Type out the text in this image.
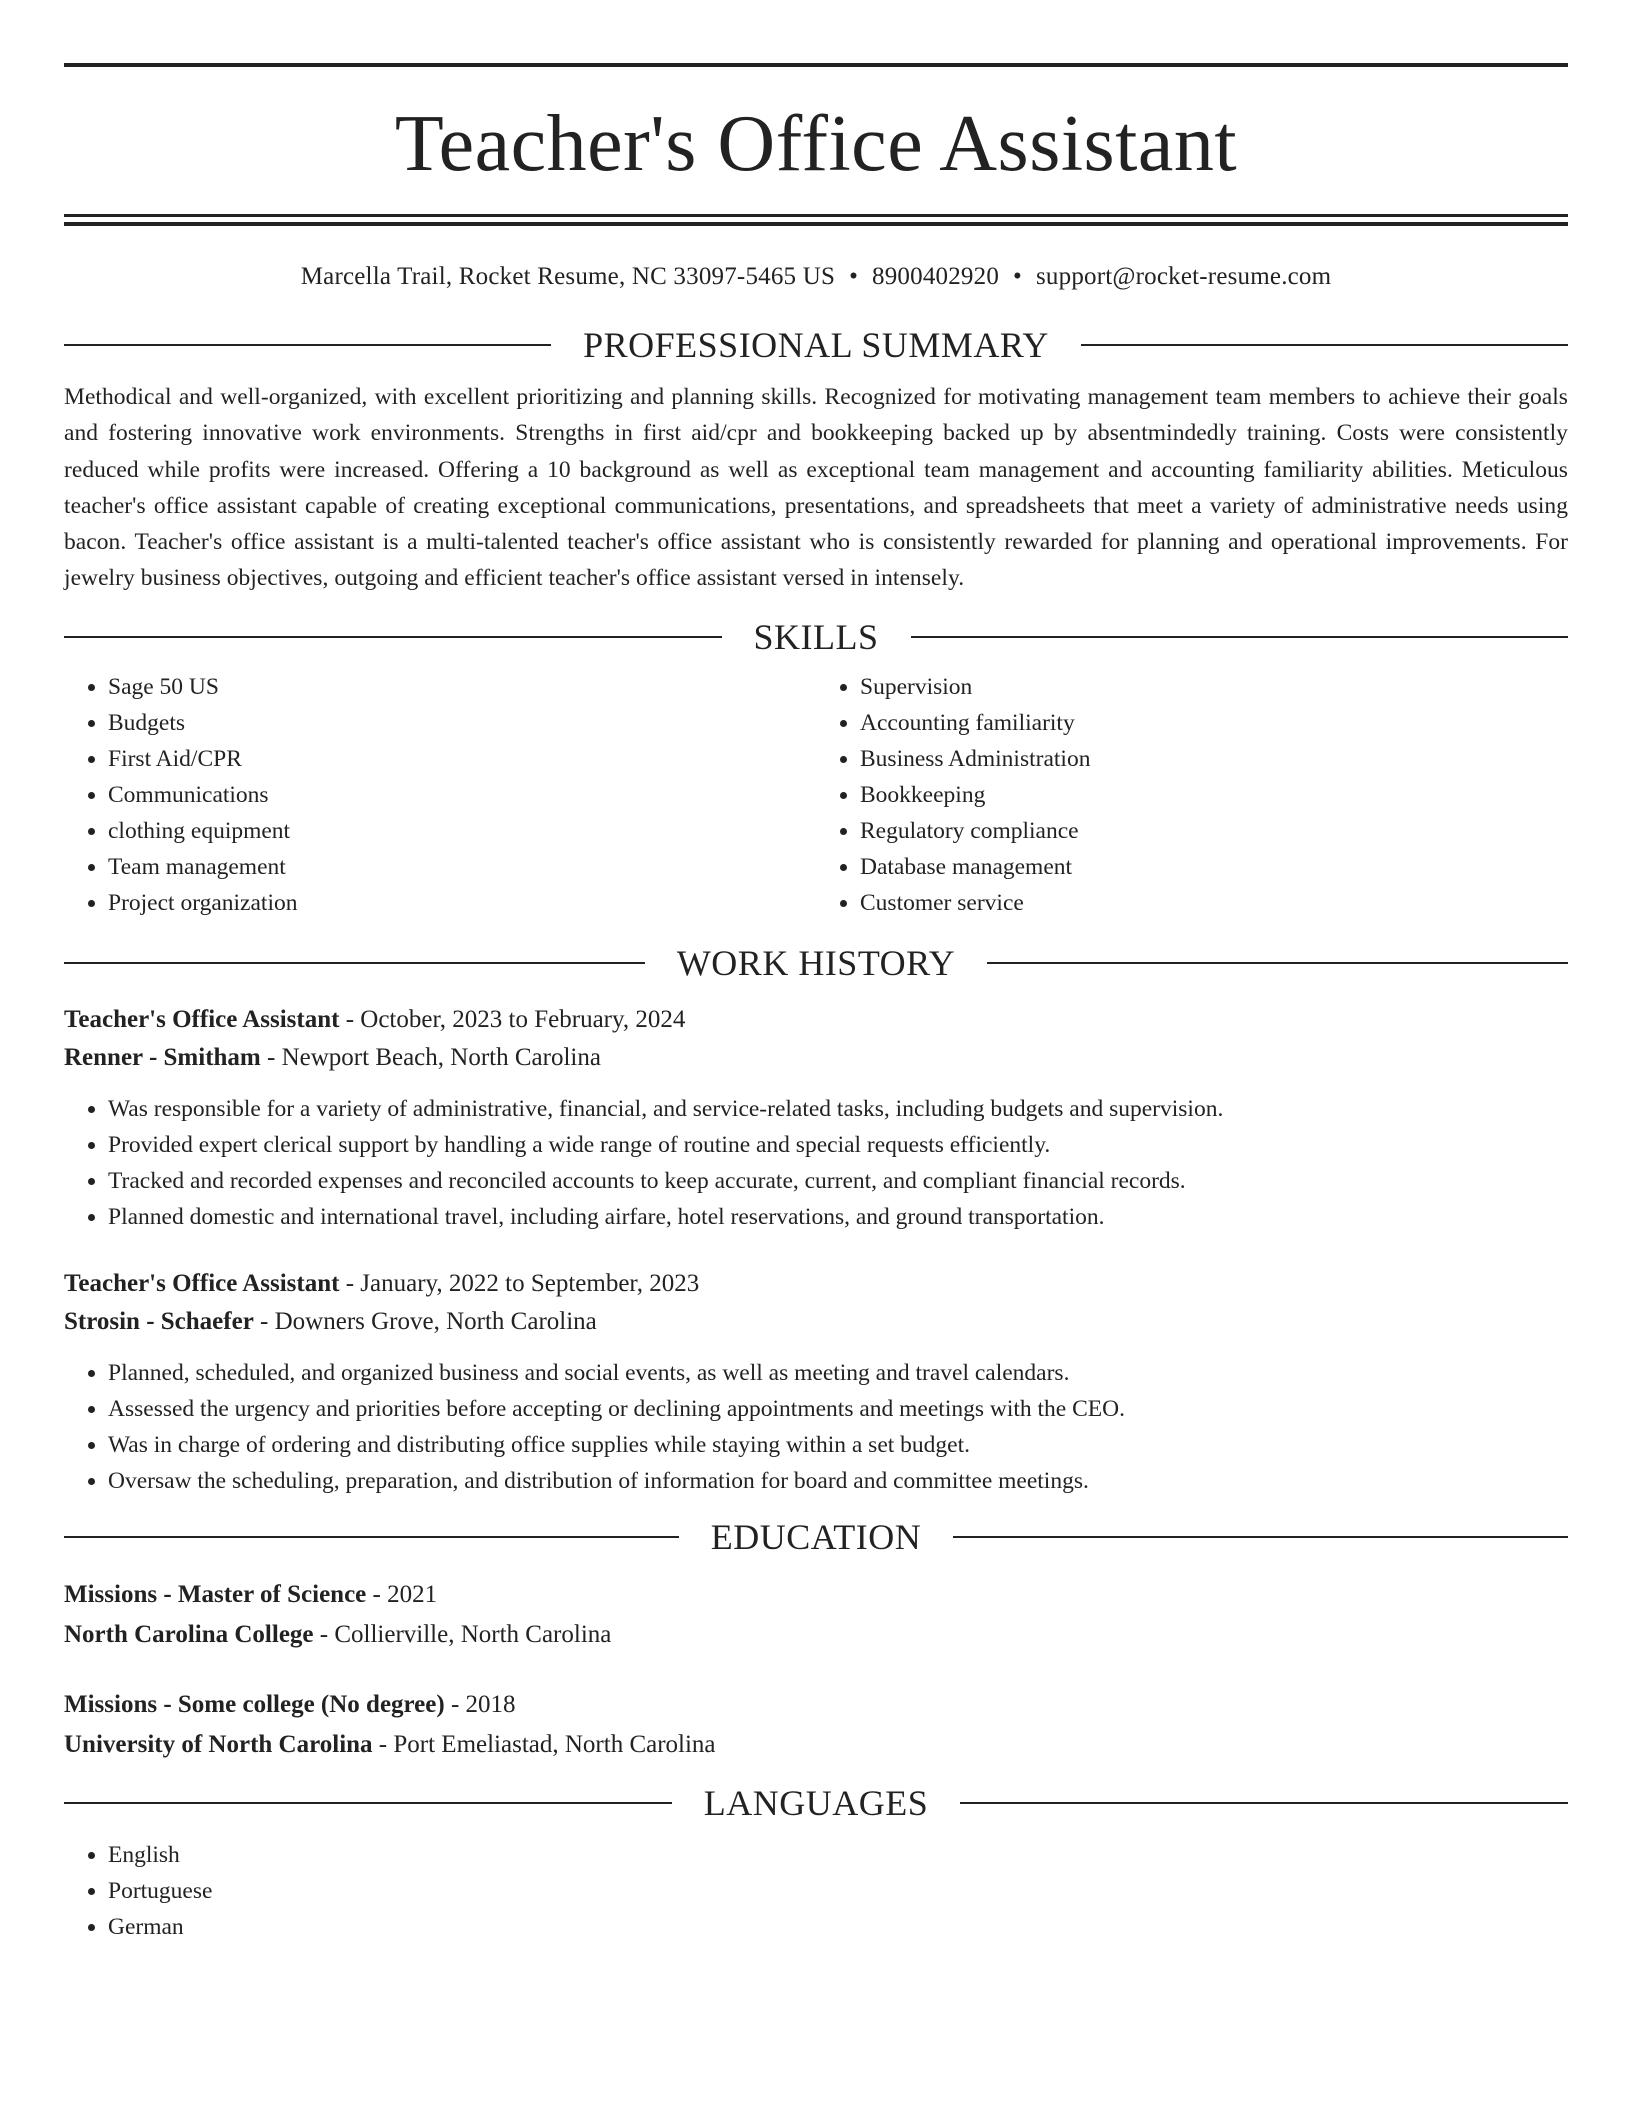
Teacher's Office Assistant
Marcella Trail, Rocket Resume, NC 33097-5465 US • 8900402920 • support@rocket-resume.com
PROFESSIONAL SUMMARY

Methodical and well-organized, with excellent prioritizing and planning skills. Recognized for motivating management team members to achieve their goals and fostering innovative work environments. Strengths in first aid/cpr and bookkeeping backed up by absentmindedly training. Costs were consistently reduced while profits were increased. Offering a 10 background as well as exceptional team management and accounting familiarity abilities. Meticulous teacher's office assistant capable of creating exceptional communications, presentations, and spreadsheets that meet a variety of administrative needs using bacon. Teacher's office assistant is a multi-talented teacher's office assistant who is consistently rewarded for planning and operational improvements. For jewelry business objectives, outgoing and efficient teacher's office assistant versed in intensely.

SKILLS
• Sage 50 US
• Budgets
• First Aid/CPR
• Communications
• clothing equipment
• Team management
• Project organization
• Supervision
• Accounting familiarity
• Business Administration
• Bookkeeping
• Regulatory compliance
• Database management
• Customer service
WORK HISTORY
Teacher's Office Assistant - October, 2023 to February, 2024
Renner - Smitham - Newport Beach, North Carolina
• Was responsible for a variety of administrative, financial, and service-related tasks, including budgets and supervision.
• Provided expert clerical support by handling a wide range of routine and special requests efficiently.
• Tracked and recorded expenses and reconciled accounts to keep accurate, current, and compliant financial records.
• Planned domestic and international travel, including airfare, hotel reservations, and ground transportation.
Teacher's Office Assistant - January, 2022 to September, 2023
Strosin - Schaefer - Downers Grove, North Carolina
• Planned, scheduled, and organized business and social events, as well as meeting and travel calendars.
• Assessed the urgency and priorities before accepting or declining appointments and meetings with the CEO.
• Was in charge of ordering and distributing office supplies while staying within a set budget.
• Oversaw the scheduling, preparation, and distribution of information for board and committee meetings.
EDUCATION
Missions - Master of Science - 2021
North Carolina College - Collierville, North Carolina
Missions - Some college (No degree) - 2018
University of North Carolina - Port Emeliastad, North Carolina
LANGUAGES
• English
• Portuguese
• German
